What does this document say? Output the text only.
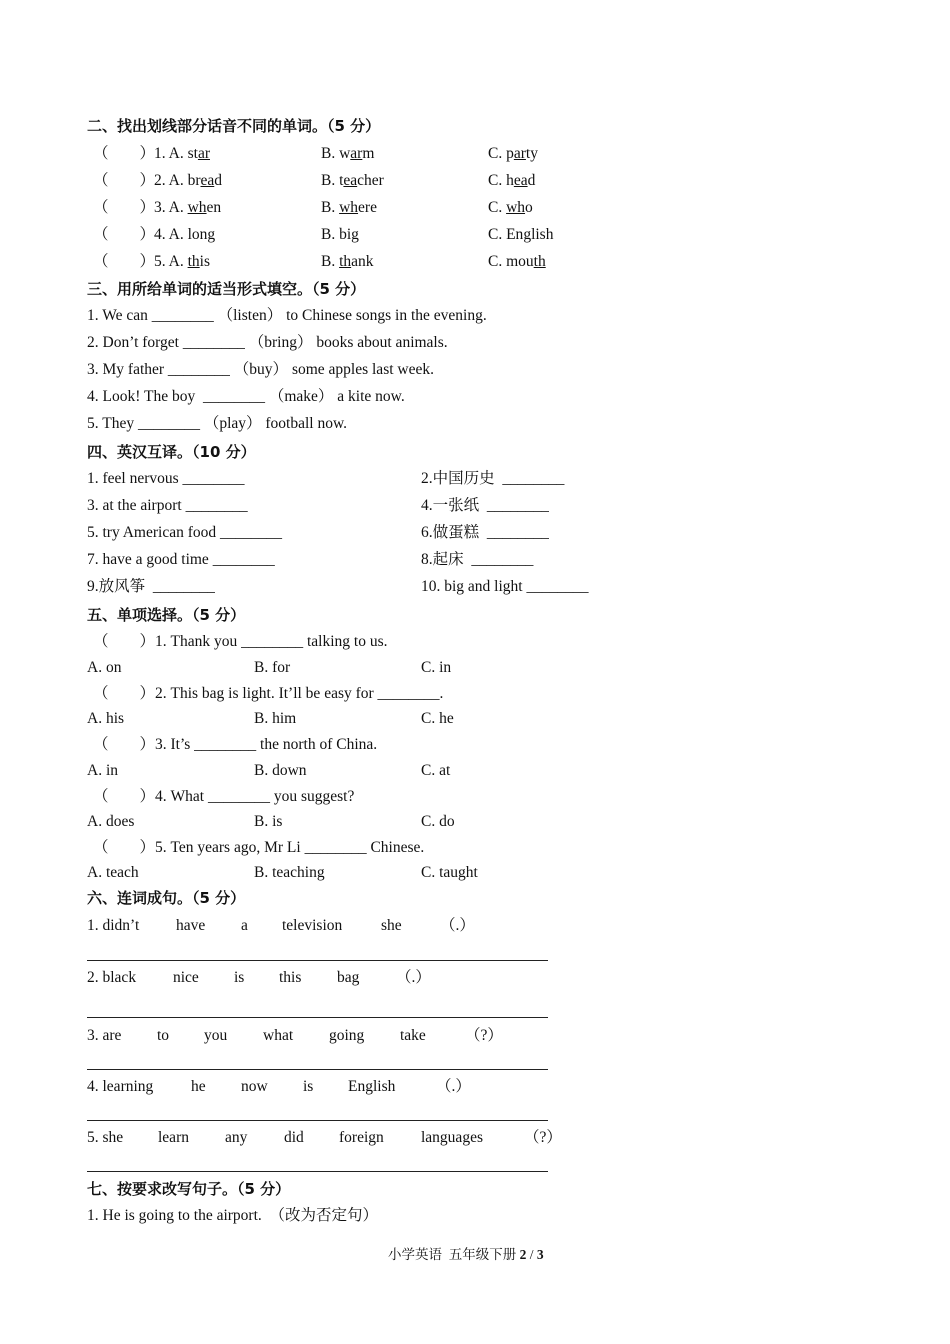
二、找出划线部分话音不同的单词。（5 分）
（　　）
1. A. star	B. warm	C. party
（　　）
2. A. bread	B. teacher	C. head
（　　）
3. A. when	B. where	C. who
（　　）
4. A. long	B. big	C. English
（　　）
5. A. this	B. thank	C. mouth
三、用所给单词的适当形式填空。（5 分）
1. We can ________ （listen） to Chinese songs in the evening.
2. Don’t forget ________ （bring） books about animals.
3. My father ________ （buy） some apples last week.
4. Look! The boy  ________ （make） a kite now.
5. They ________ （play） football now.
四、英汉互译。（10 分）
1. feel nervous ________	2.中国历史  ________
3. at the airport ________	4.一张纸  ________
5. try American food ________	6.做蛋糕  ________
7. have a good time ________	8.起床  ________
9.放风筝  ________	10. big and light ________
五、单项选择。（5 分）
（　　）1. Thank you ________ talking to us.
A. on	B. for	C. in
（　　）2. This bag is light. It’ll be easy for ________.
A. his	B. him	C. he
（　　）3. It’s ________ the north of China.
A. in	B. down	C. at
（　　）4. What ________ you suggest?
A. does	B. is	C. do
（　　）5. Ten years ago, Mr Li ________ Chinese.
A. teach	B. teaching	C. taught
六、连词成句。（5 分）
1. didn’t have a television she （.）
2. black nice is this bag （.）
3. are to you what going take	（?）
4. learning he now is English	（.）
5. she learn any did foreign languages	（?）
七、按要求改写句子。（5 分）
1. He is going to the airport.  （改为否定句）
小学英语  五年级下册 2 / 3
